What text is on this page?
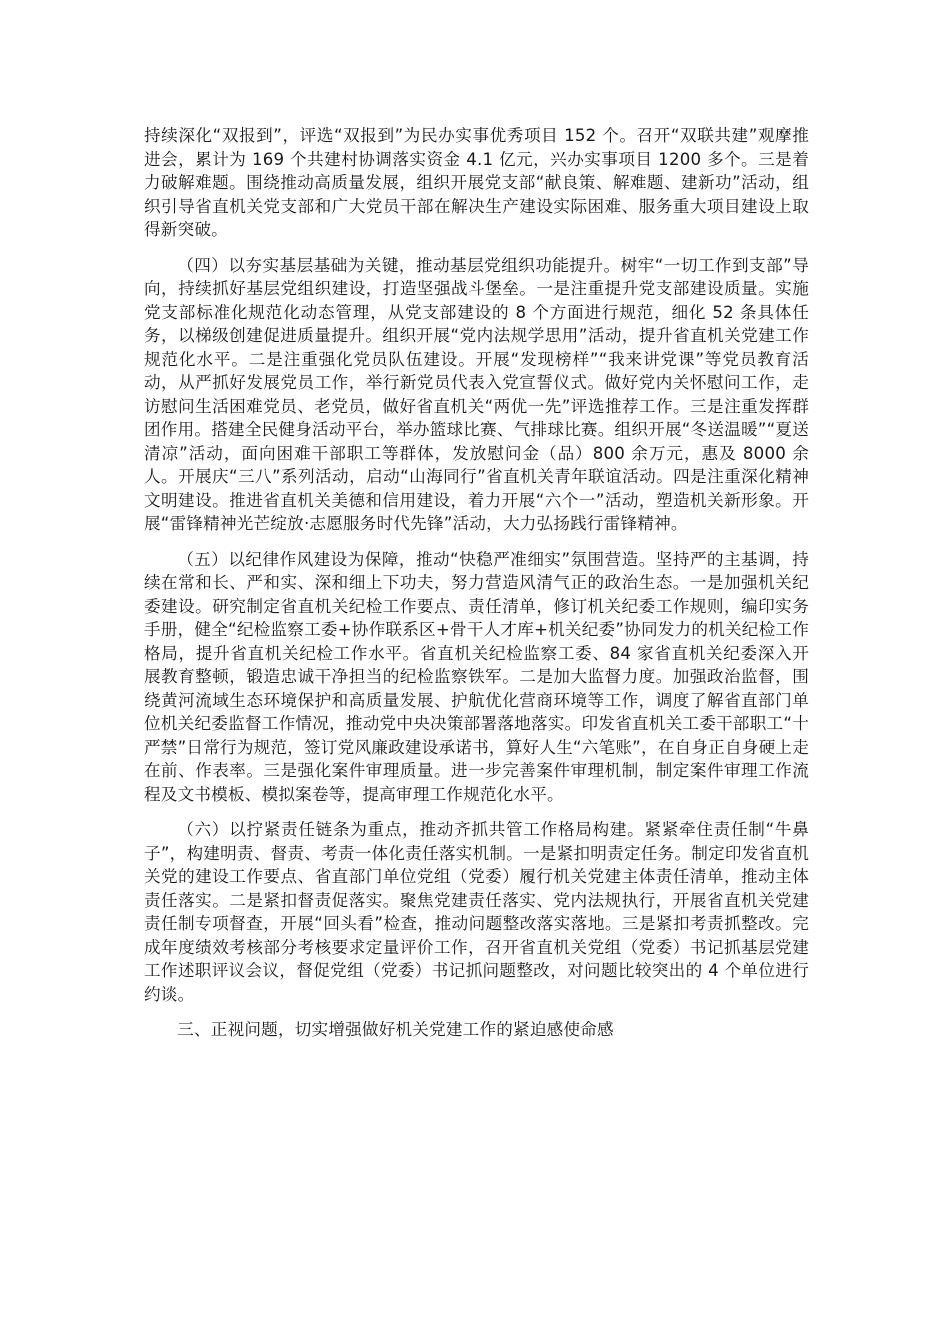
持续深化“双报到”，评选“双报到”为民办实事优秀项目 152 个。召开“双联共建”观摩推进会，累计为 169 个共建村协调落实资金 4.1 亿元，兴办实事项目 1200 多个。三是着力破解难题。围绕推动高质量发展，组织开展党支部“献良策、解难题、建新功”活动，组织引导省直机关党支部和广大党员干部在解决生产建设实际困难、服务重大项目建设上取得新突破。

（四）以夯实基层基础为关键，推动基层党组织功能提升。树牢“一切工作到支部”导向，持续抓好基层党组织建设，打造坚强战斗堡垒。一是注重提升党支部建设质量。实施党支部标准化规范化动态管理，从党支部建设的 8 个方面进行规范，细化 52 条具体任务，以梯级创建促进质量提升。组织开展“党内法规学思用”活动，提升省直机关党建工作规范化水平。二是注重强化党员队伍建设。开展“发现榜样”“我来讲党课”等党员教育活动，从严抓好发展党员工作，举行新党员代表入党宣誓仪式。做好党内关怀慰问工作，走访慰问生活困难党员、老党员，做好省直机关“两优一先”评选推荐工作。三是注重发挥群团作用。搭建全民健身活动平台，举办篮球比赛、气排球比赛。组织开展“冬送温暖”“夏送清凉”活动，面向困难干部职工等群体，发放慰问金（品）800 余万元，惠及 8000 余人。开展庆“三八”系列活动，启动“山海同行”省直机关青年联谊活动。四是注重深化精神文明建设。推进省直机关美德和信用建设，着力开展“六个一”活动，塑造机关新形象。开展“雷锋精神光芒绽放·志愿服务时代先锋”活动，大力弘扬践行雷锋精神。

（五）以纪律作风建设为保障，推动“快稳严准细实”氛围营造。坚持严的主基调，持续在常和长、严和实、深和细上下功夫，努力营造风清气正的政治生态。一是加强机关纪委建设。研究制定省直机关纪检工作要点、责任清单，修订机关纪委工作规则，编印实务手册，健全“纪检监察工委+协作联系区+骨干人才库+机关纪委”协同发力的机关纪检工作格局，提升省直机关纪检工作水平。省直机关纪检监察工委、84 家省直机关纪委深入开展教育整顿，锻造忠诚干净担当的纪检监察铁军。二是加大监督力度。加强政治监督，围绕黄河流域生态环境保护和高质量发展、护航优化营商环境等工作，调度了解省直部门单位机关纪委监督工作情况，推动党中央决策部署落地落实。印发省直机关工委干部职工“十严禁”日常行为规范，签订党风廉政建设承诺书，算好人生“六笔账”，在自身正自身硬上走在前、作表率。三是强化案件审理质量。进一步完善案件审理机制，制定案件审理工作流程及文书模板、模拟案卷等，提高审理工作规范化水平。

（六）以拧紧责任链条为重点，推动齐抓共管工作格局构建。紧紧牵住责任制“牛鼻子”，构建明责、督责、考责一体化责任落实机制。一是紧扣明责定任务。制定印发省直机关党的建设工作要点、省直部门单位党组（党委）履行机关党建主体责任清单，推动主体责任落实。二是紧扣督责促落实。聚焦党建责任落实、党内法规执行，开展省直机关党建责任制专项督查，开展“回头看”检查，推动问题整改落实落地。三是紧扣考责抓整改。完成年度绩效考核部分考核要求定量评价工作，召开省直机关党组（党委）书记抓基层党建工作述职评议会议，督促党组（党委）书记抓问题整改，对问题比较突出的 4 个单位进行约谈。

三、正视问题，切实增强做好机关党建工作的紧迫感使命感
